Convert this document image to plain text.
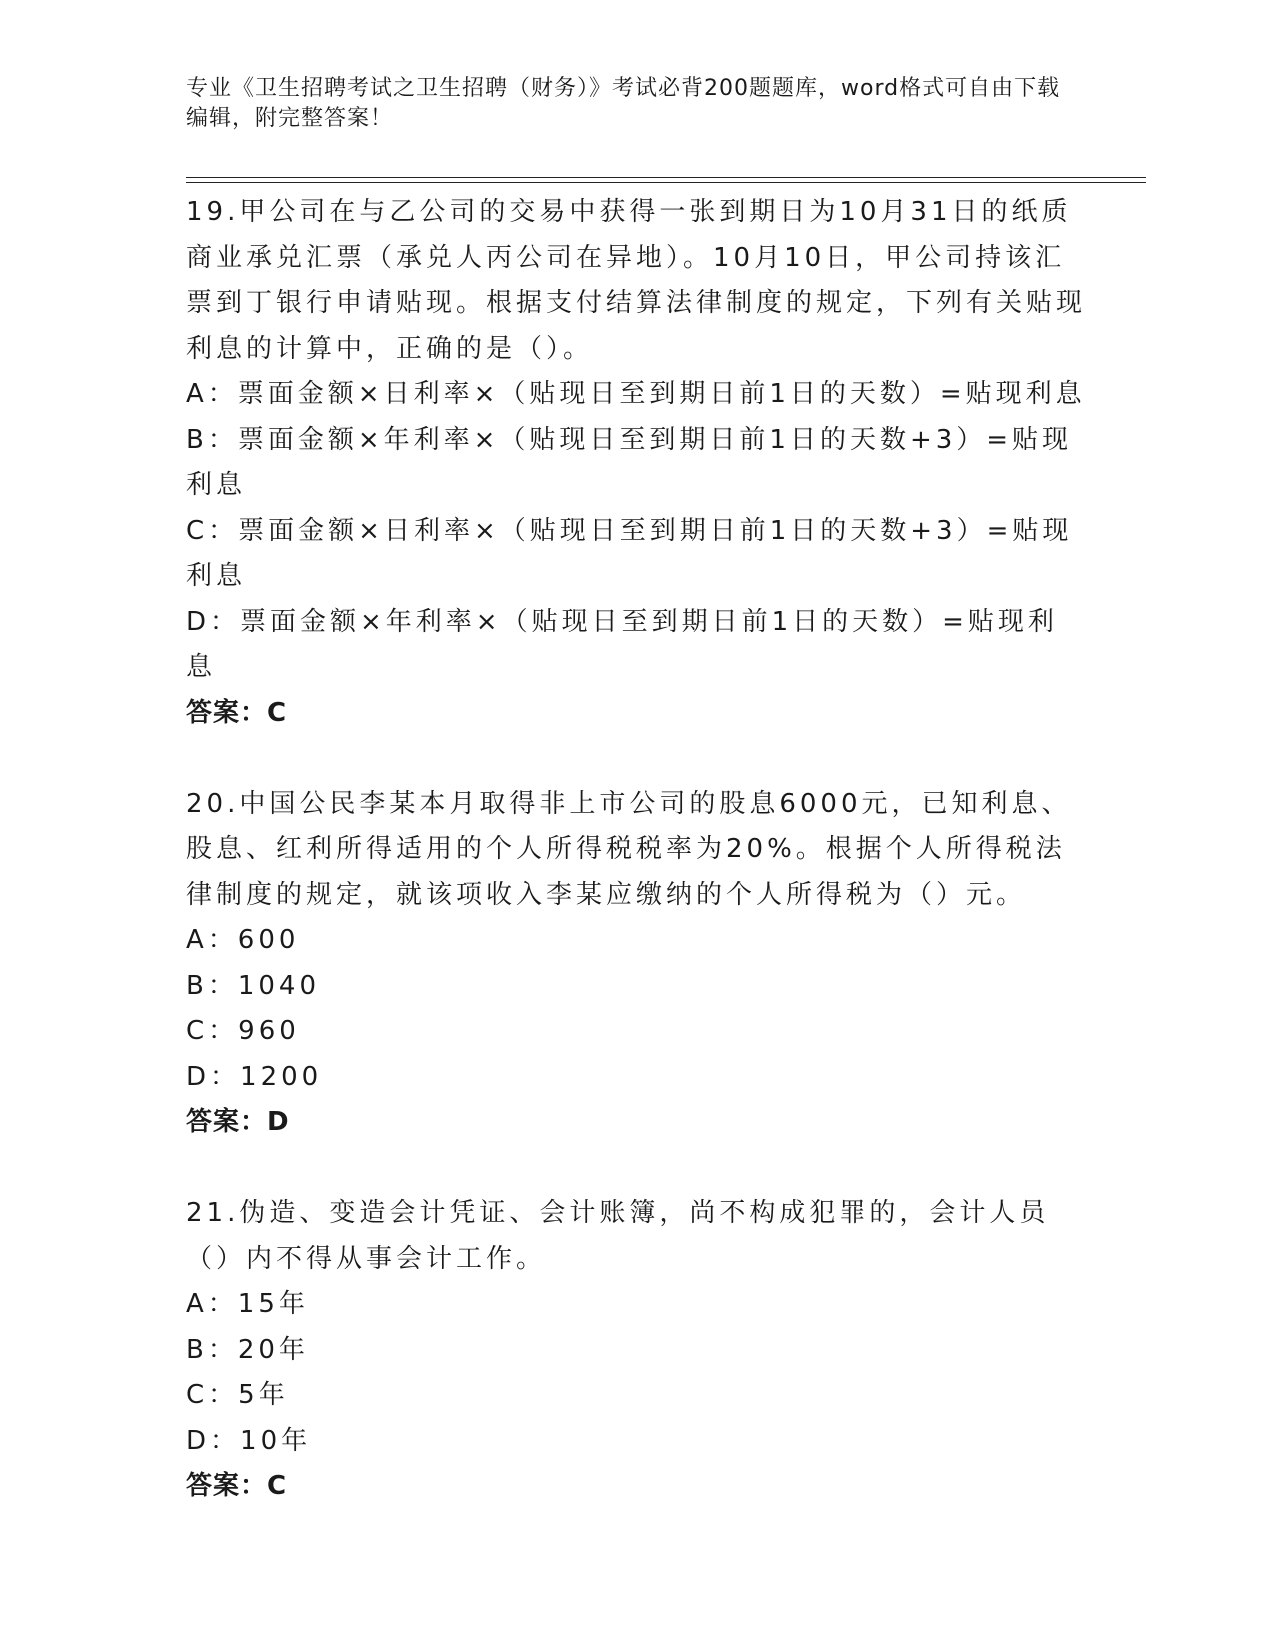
专业《卫生招聘考试之卫生招聘（财务）》考试必背200题题库，word格式可自由下载编辑，附完整答案！

19.甲公司在与乙公司的交易中获得一张到期日为10月31日的纸质商业承兑汇票（承兑人丙公司在异地）。10月10日，甲公司持该汇票到丁银行申请贴现。根据支付结算法律制度的规定，下列有关贴现利息的计算中，正确的是（）。

A：票面金额×日利率×（贴现日至到期日前1日的天数）=贴现利息

B：票面金额×年利率×（贴现日至到期日前1日的天数+3）=贴现利息

C：票面金额×日利率×（贴现日至到期日前1日的天数+3）=贴现利息

D：票面金额×年利率×（贴现日至到期日前1日的天数）=贴现利息

答案：C

20.中国公民李某本月取得非上市公司的股息6000元，已知利息、股息、红利所得适用的个人所得税税率为20%。根据个人所得税法律制度的规定，就该项收入李某应缴纳的个人所得税为（）元。

A：600

B：1040

C：960

D：1200

答案：D

21.伪造、变造会计凭证、会计账簿，尚不构成犯罪的，会计人员（）内不得从事会计工作。

A：15年

B：20年

C：5年

D：10年

答案：C
